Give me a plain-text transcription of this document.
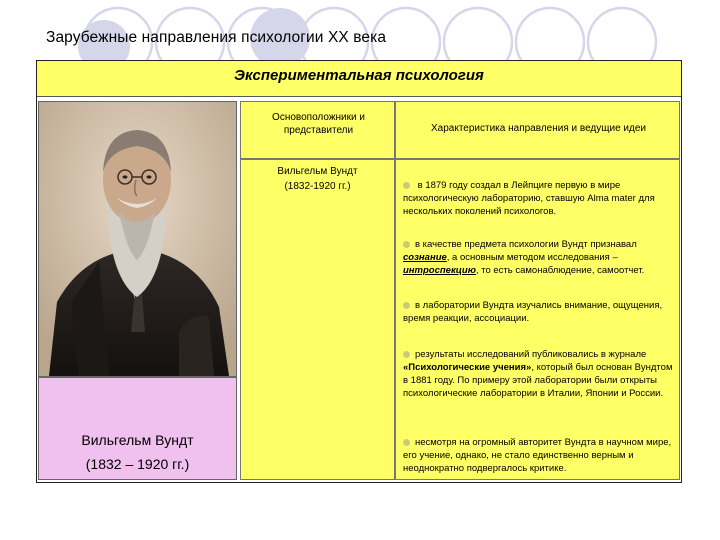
Зарубежные направления психологии XX века
Экспериментальная психология
Вильгельм Вундт
(1832 – 1920 гг.)
Основоположники и представители	Характеристика направления и ведущие идеи
Вильгельм Вундт
(1832-1920 гг.)	в 1879 году создал в Лейпциге первую в мире психологическую лабораторию, ставшую Alma mater для нескольких поколений психологов.
в качестве предмета психологии Вундт признавал сознание, а основным методом исследования – интроспекцию, то есть самонаблюдение, самоотчет.
в лаборатории Вундта изучались внимание, ощущения, время реакции, ассоциации.
результаты исследований публиковались в журнале «Психологические учения», который был основан Вундтом в 1881 году. По примеру этой лаборатории были открыты психологические лаборатории в Италии, Японии и России.
несмотря на огромный авторитет Вундта в научном мире, его учение, однако, не стало единственно верным и неоднократно подвергалось критике.
